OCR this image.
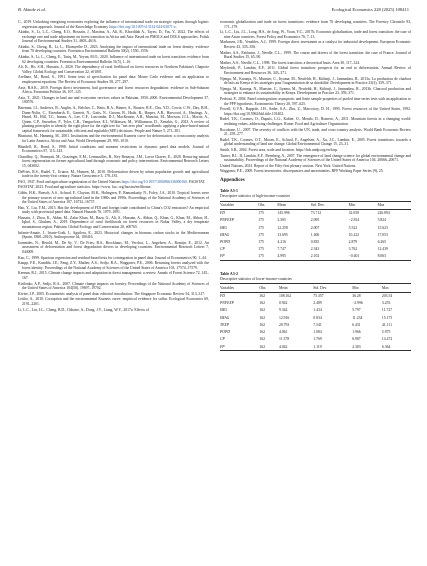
B. Akinde et al.	Ecological Economics 228 (2025) 108411

C., 2019. Unlocking energising economies exploring the influence of international trade on strategic options through logistic regression approach. Journal of the Knowledge Economy https://doi.org/10.1007/s13132-024-02071-z.

Akinbo, S., Li, L.C., Cheng, E.O., Hossain, J., Maxima, A., Ali, R., Khordilah A., Tayeo, D., Yas, Y., 2022. The effects of exchange rate and trade adjustment on forest transition in Africa and Asia: Based on PMOLS and DOLS approaches. Polish Journal of Environmental Studies 31, 4603–4616.

Akinbo, S., Cheng, B., Li, L., Eliamyeihe D., 2023. Analyzing the impact of international trade on forest density: evidence from 70 developing countries. Forestnica Environmental Bulletin 30(2), 1550–1556.

Akinbo, S., Li, L., Cheng, E., Tariq, M., Yeyun, M.O., 2020. Influence of international trade on forest transition: evidence from 62 developing countries. Forestnica Environmental Bulletin 31(5), 1–16.

Ali, K., Ho, S.H., Hussain, J., 2020. The dependency of rural livelihood on forest resources in Northern Pakistan's Chaprote Valley. Global Ecology and Conservation 22, e01001.

Arellano, M., Bond, S., 1991. Some tests of specification for panel data: Monte Carlo evidence and an application to employment equations. The Review of Economic Studies 58, 277–297.

Asse, B.S.K., 2019. Foreign direct investment, bad governance and forest resources degradation: evidence in Sub-Saharan Africa. Economia Politica 36, 107–125.

Aziz, T., 2021. Changes in land use and ecosystem services values in Pakistan, 1950–2000. Environmental Development 37, 100576.

Bateman, I.J., Andrews, B., Anglin, A., Belcher, C., Betts, R.A., Binner, A., Brasier, R.E., Chu, Y.D., Cowie, C.W., Day, B.H., Dunn-Nylin, C., Eisenbarth, E., Garnett, N., Gatis, N., Groom, B., Hails, R., Harper, A.B., Harwood, A., Hastings, A., Heard, M., Hill, T.C., Inman, A., Lee, C.F., Luscombe, D.J., MacKenzie, A.R., Mancini, M., Morison, J.I.L., Morris, A., Quine, C.P., Snowdon, P., Tyler, C.R., Vanguelova, E.I., Wilkinson, M., Williamson, D., Xenakis, G., 2023. A review of planting principles to identify the right place for the right tree for "net zero plus" woodlands: applying a place-based natural capital framework for sustainable, efficient and equitable (SEE) decisions. People and Nature 5, 271–301.

Bhattarai, M., Hammig, M., 2001. Institutions and the environmental Kuznets curve for deforestation: a crosscountry analysis for Latin America, Africa and Asia. World Development 29, 995–1010.

Blundell, R., Bond, S., 1998. Initial conditions and moment restrictions in dynamic panel data models. Journal of Econometrics 87, 115–143.

Chaudhry, Q., Bunnyatt, M., Grazinger, E.M., Lemassilles, R., Rey Benayas, J.M., Lavra Chaves, E., 2020. Restoring natural forest regeneration on former agricultural land through economic and policy interventions. Environmental Research Letters 15, 043002.

DeFries, R.S., Rudel, T., Uriarte, M., Hansen, M., 2010. Deforestation driven by urban population growth and agricultural trade in the twenty-first century. Nature Geoscience 3, 178–181.

FAO, 1947. Food and agriculture organization of the United Nations https://doi.org/10.1057/3002866336000160. FAOSTAT.

FAOSTAT, 2023. Food and agriculture statistics. https://www. fao. org/faostat/en/#home.

Gibbs, H.K., Ruesch, A.S., Achard, F., Clayton, M.K., Holmgren, P., Ramankutty, N., Foley, J.A., 2010. Tropical forests were the primary sources of new agricultural land in the 1980s and 1990s. Proceedings of the National Academy of Sciences of the United States of America 107, 16732–16737.

Hao, Y., Liu, Y.M., 2015. Has the development of FDI and foreign trade contributed to China's CO2 emissions? An empirical study with provincial panel data. Natural Hazards 76, 1079–1091.

Hussain, J., Zhou, K., Akbar, M., Zafar Khan, M., Raza, G., Ali, S., Hussain, A., Abbas, Q., Khan, G., Khan, M., Abbas, H., Iqbal, S., Ghulam, A., 2019. Dependence of rural livelihoods on forest resources in Naltar Valley, a dry temperate mountainous region, Pakistan. Global Ecology and Conservation 20, e00765.

Infante-Amate, J., Iriarte-Goñi, I., Aguilera, E., 2023. Historical changes in biomass carbon stocks in the Mediterranean (Spain, 1860–2010). Anthropocene 44, 100416.

Ioannides, N., Herold, M., De Sy, V., De Fries, R.S., Brockhaus, M., Verchot, L., Angelsen, A., Romijn, E., 2012. An assessment of deforestation and forest degradation drivers in developing countries. Environmental Research Letters 7, 044009.

Kao, C., 1999. Spurious regression and residual-based tests for cointegration in panel data. Journal of Econometrics 90, 1–44.

Kaupp, F.E., Kumbhi, J.E., Pang, Z.Y., Mather, A.S., Sedjo, R.A., Waggoner, P.E., 2006. Returning forests analyzed with the forest identity. Proceedings of the National Academy of Sciences of the United States of America 103, 17574–17579.

Keenan, R.J., 2015. Climate change impacts and adaptation in forest management: a review. Annals of Forest Science 72, 145–167.

Kirilenko, A.P., Sedjo, R.A., 2007. Climate change impacts on forestry. Proceedings of the National Academy of Sciences of the United States of America 104(50), 19697–19702.

Kivise, J.P., 2005. Econometric analysis of panel data: editorial introduction. The Singapore Economic Review 54, 313–317.

Leitão, A., 2010. Corruption and the environmental Kuznets curve: empirical evidence for sulfur. Ecological Economics 69, 2191–2201.

Li, L.C., Liu, J.L., Cheng, B.D., Chhatre, A., Dong, J.Y., Liang, W.Y., 2017a. Effects of

economic globalization and trade on forest transitions: evidence from 76 developing countries. The Forestry Chronicle 93, 171–179.

Li, L.C., Liu, J.L., Long, H.S., de Jong, W., Youn, Y.C., 2017b. Economic globalization, trade and forest transition: the case of nine Asian countries. Forest Policy and Economics 76, 7–13.

Markusen, J.R., Venables, A.J., 1999. Foreign direct investment as a catalyst for industrial development. European Economic Review 43, 335–356.

Mather, A.S., Fairbairn, J., Needle, C.L., 1999. The course and drivers of the forest transition: the case of France. Journal of Rural Studies 15, 65–90.

Mather, A.S., Needle, C.L., 1998. The forest transition: a theoretical basis. Area 30, 117–124.

Meyfroidt, P., Lambin, E.F., 2011. Global forest transition: prospects for an end to deforestation. Annual Review of Environment and Resources 36, 343–371.

Njenga, M., Karanja, N., Munster, C., Iiyama, M., Neufeldt, H., Kithinji, J., Jamnadass, R., 2013a. La production de charbon de bois au Kenya et les stratégies pour l'augmentation de sa durabilité. Development in Practice 23(3), 359–371.

Njenga, M., Karanja, N., Munster, C., Iiyama, M., Neufeldt, H., Kithinji, J., Jamnadass, R., 2013b. Charcoal production and strategies to enhance its sustainability in Kenya. Development in Practice 23, 359–371.

Pedroni, P., 2004. Panel cointegration: asymptotic and finite sample properties of pooled time series tests with an application to the PPP hypothesis. Econometric Theory 20, 597–625.

Powell, G.V.N., Rappole, J.H., Sader, S.A., Zhu, Z., Marcotory, D. H., 1995. Forest resources of the United States, 1992. https://doi.org/10.5962/bhl.title.101402.

Rudel, T.K., Coomes, O., Dupuis, L.G., Kabier, O., Mendo, D., Romero, A., 2011. Mountain forests in a changing world: realizing values, addressing challenges. Rome: Food and Agriculture Organization.

Rocabone, U., 2007. The severity of conflicts with the UN, trade, and cross-country analysis. World Bank Economic Review 21, 259–277.

Rudel, T.K., Coomes, O.T., Moran, E., Achard, F., Angelsen, A., Xu, J.C., Lambin, E., 2005. Forest transitions: towards a global understanding of land use change. Global Environmental Change 15, 23–31.

Smith, S.B., 2002. Forest area, scale and location. https://hdr.undp.org/en/faqs.

Turner, B.L. II, Lambin, E.F., Reenberg, A., 2007. The emergence of land change science for global environmental change and sustainability. Proceedings of the National Academy of Sciences of the United States of America 104, 20666–20671.

United Nations, 2023. Report of the Fifty-first plenary session. New York: United Nations.

Waggoner, P.E., 2009. Forest inventories: discrepancies and uncertainties. RFF Working Paper Series (9), 25.

Appendices
Table A3-1
Descriptive statistics of high-income-countries
Variables	Obs.	Mean	Std. Dev.	Min	Max
FD	175	145.996	73.712	32.058	226.894
PNFEXP	175	2.565	2.095	−2.814	5.824
IMG	175	12.258	2.007	5.522	15.623
IMAG	175	13.695	1.406	10.222	17.053
POPD	175	4.216	0.835	2.879	6.265
CP	175	7.747	2.343	3.762	12.439
FP	175	4.995	2.102	−0.401	8.063
Table A3-2
Descriptive statistics of lower-income-countries
Variables	Obs.	Mean	Std. Dev.	Min	Max
FD	162	108.162	75.357	36.28	203.54
PNFEXP	162	0.942	2.489	−2.996	3.253
IMG	162	9.342	1.434	5.797	11.727
IMAG	162	12.916	0.834	11.234	15.175
TEXP	162	20.793	7.541	6.431	41.111
POPD	162	4.061	1.084	1.966	5.975
CP	162	11.378	1.769	6.907	14.472
FP	162	4.042	1.119	2.303	6.364
